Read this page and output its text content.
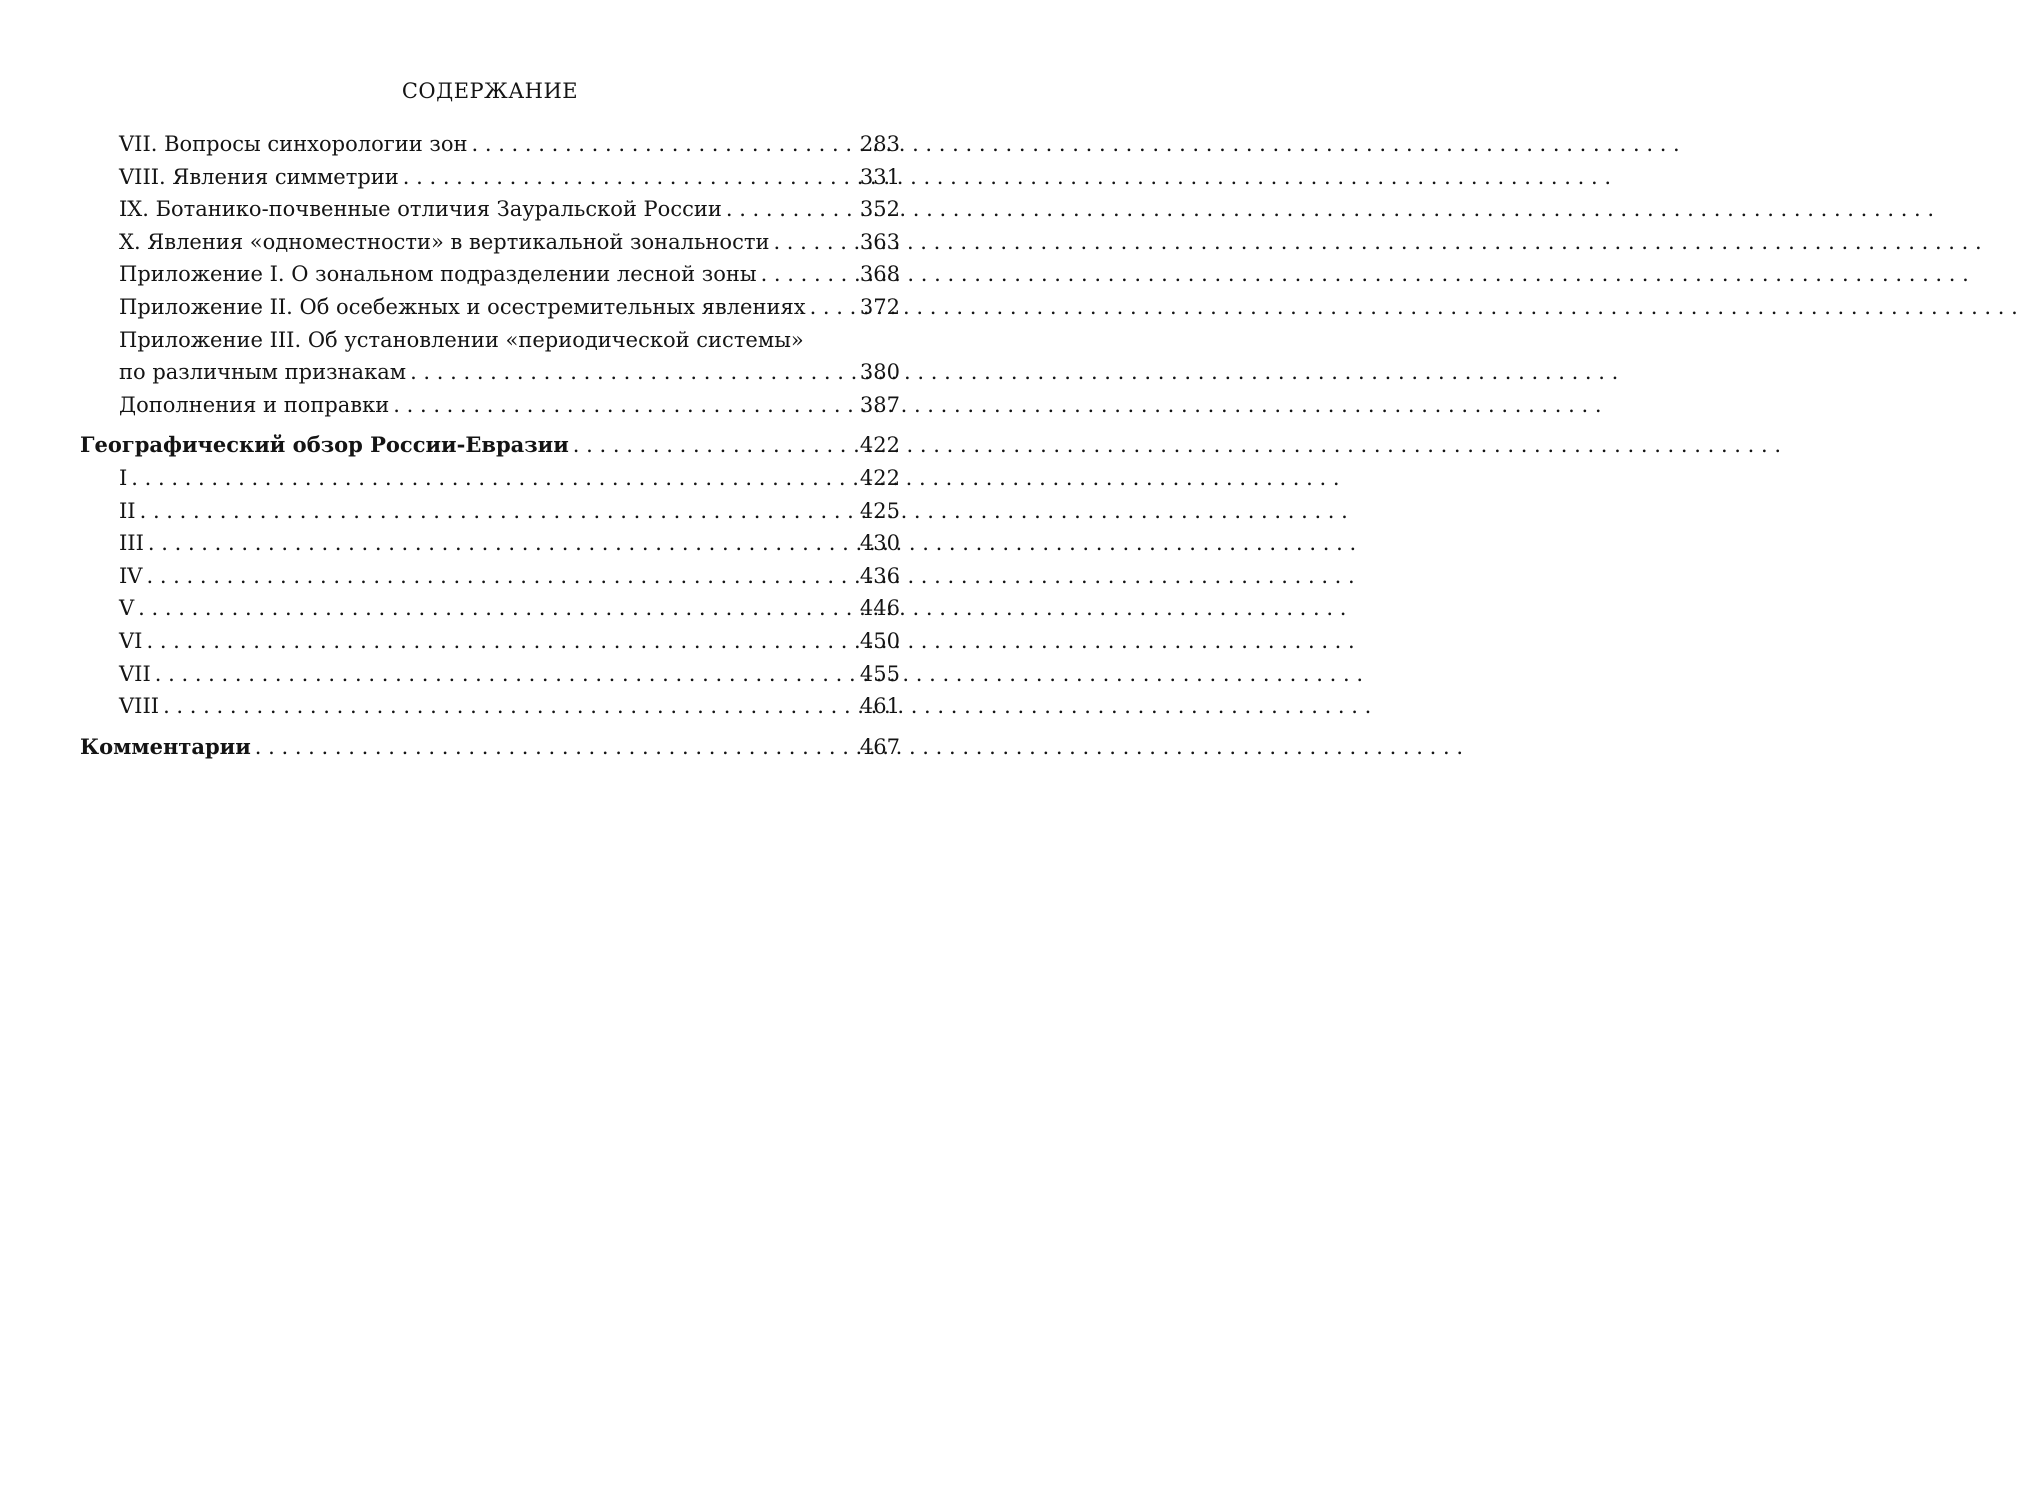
СОДЕРЖАНИЕ
VII. Вопросы синхорологии зон . . .	283
VIII. Явления симметрии . . .	331
IX. Ботанико-почвенные отличия Зауральской России . . .	352
X. Явления «одноместности» в вертикальной зональности . . .	363
Приложение I. О зональном подразделении лесной зоны . . .	368
Приложение II. Об осебежных и осестремительных явлениях . . .	372
Приложение III. Об установлении «периодической системы»
по различным признакам . . .	380
Дополнения и поправки . . .	387
Географический обзор России-Евразии . . .	422
I . . .	422
II . . .	425
III . . .	430
IV . . .	436
V . . .	446
VI . . .	450
VII . . .	455
VIII . . .	461
Комментарии . . .	467
